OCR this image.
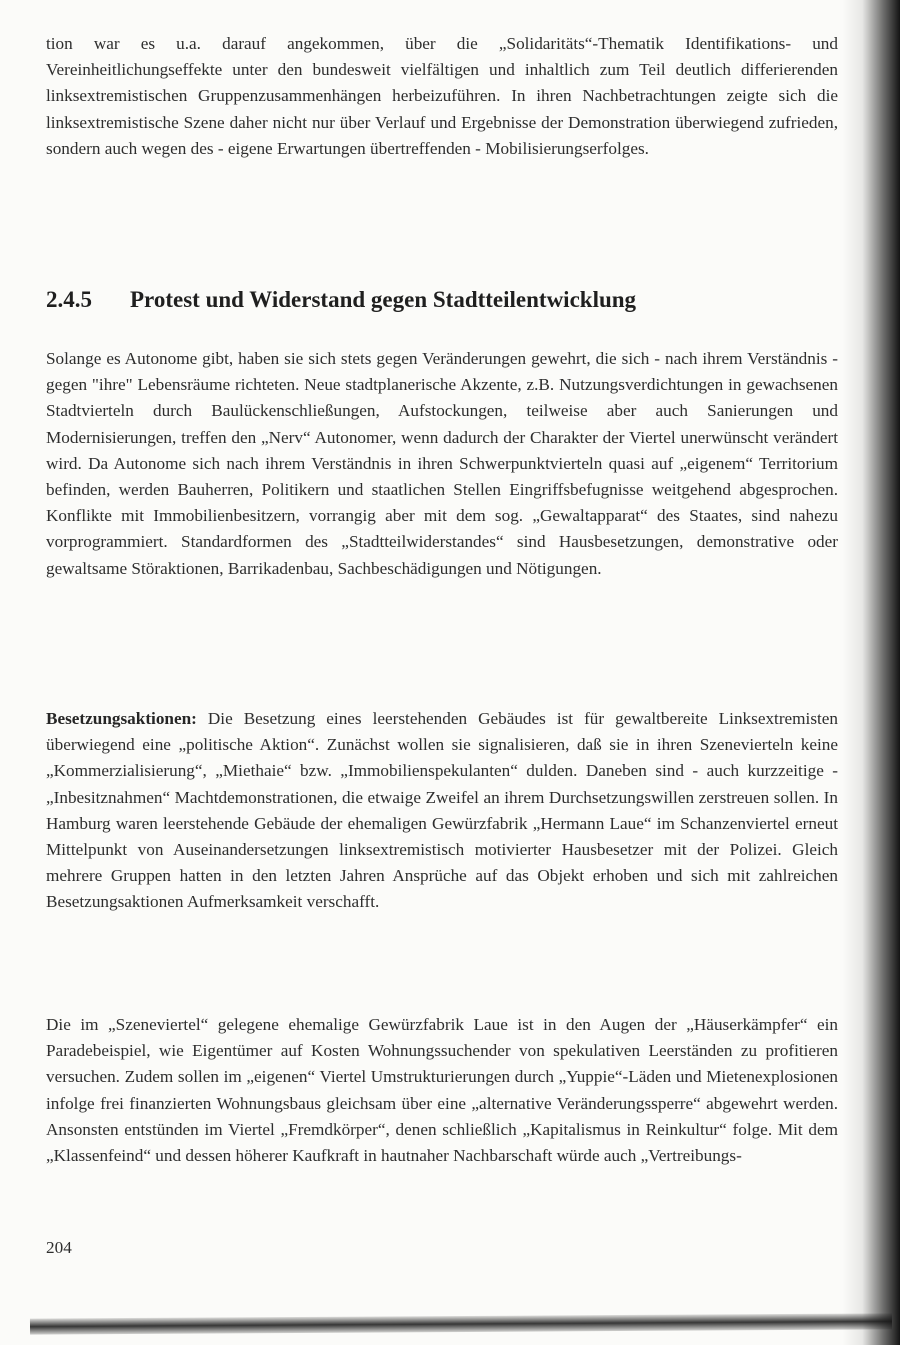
tion war es u.a. darauf angekommen, über die „Solidaritäts“-Thematik Identifikations- und Vereinheitlichungseffekte unter den bundesweit vielfältigen und inhaltlich zum Teil deutlich differierenden linksextremistischen Gruppenzusammenhängen herbeizuführen. In ihren Nachbetrachtungen zeigte sich die linksextremistische Szene daher nicht nur über Verlauf und Ergebnisse der Demonstration überwiegend zufrieden, sondern auch wegen des - eigene Erwartungen übertreffenden - Mobilisierungserfolges.

2.4.5 Protest und Widerstand gegen Stadtteilentwicklung

Solange es Autonome gibt, haben sie sich stets gegen Veränderungen gewehrt, die sich - nach ihrem Verständnis - gegen "ihre" Lebensräume richteten. Neue stadtplanerische Akzente, z.B. Nutzungsverdichtungen in gewachsenen Stadtvierteln durch Baulückenschließungen, Aufstockungen, teilweise aber auch Sanierungen und Modernisierungen, treffen den „Nerv“ Autonomer, wenn dadurch der Charakter der Viertel unerwünscht verändert wird. Da Autonome sich nach ihrem Verständnis in ihren Schwerpunktvierteln quasi auf „eigenem“ Territorium befinden, werden Bauherren, Politikern und staatlichen Stellen Eingriffsbefugnisse weitgehend abgesprochen. Konflikte mit Immobilienbesitzern, vorrangig aber mit dem sog. „Gewaltapparat“ des Staates, sind nahezu vorprogrammiert. Standardformen des „Stadtteilwiderstandes“ sind Hausbesetzungen, demonstrative oder gewaltsame Störaktionen, Barrikadenbau, Sachbeschädigungen und Nötigungen.

Besetzungsaktionen: Die Besetzung eines leerstehenden Gebäudes ist für gewaltbereite Linksextremisten überwiegend eine „politische Aktion“. Zunächst wollen sie signalisieren, daß sie in ihren Szenevierteln keine „Kommerzialisierung“, „Miethaie“ bzw. „Immobilienspekulanten“ dulden. Daneben sind - auch kurzzeitige - „Inbesitznahmen“ Machtdemonstrationen, die etwaige Zweifel an ihrem Durchsetzungswillen zerstreuen sollen. In Hamburg waren leerstehende Gebäude der ehemaligen Gewürzfabrik „Hermann Laue“ im Schanzenviertel erneut Mittelpunkt von Auseinandersetzungen linksextremistisch motivierter Hausbesetzer mit der Polizei. Gleich mehrere Gruppen hatten in den letzten Jahren Ansprüche auf das Objekt erhoben und sich mit zahlreichen Besetzungsaktionen Aufmerksamkeit verschafft.

Die im „Szeneviertel“ gelegene ehemalige Gewürzfabrik Laue ist in den Augen der „Häuserkämpfer“ ein Paradebeispiel, wie Eigentümer auf Kosten Wohnungssuchender von spekulativen Leerständen zu profitieren versuchen. Zudem sollen im „eigenen“ Viertel Umstrukturierungen durch „Yuppie“-Läden und Mietenexplosionen infolge frei finanzierten Wohnungsbaus gleichsam über eine „alternative Veränderungssperre“ abgewehrt werden. Ansonsten entstünden im Viertel „Fremdkörper“, denen schließlich „Kapitalismus in Reinkultur“ folge. Mit dem „Klassenfeind“ und dessen höherer Kaufkraft in hautnaher Nachbarschaft würde auch „Vertreibungs-

204
